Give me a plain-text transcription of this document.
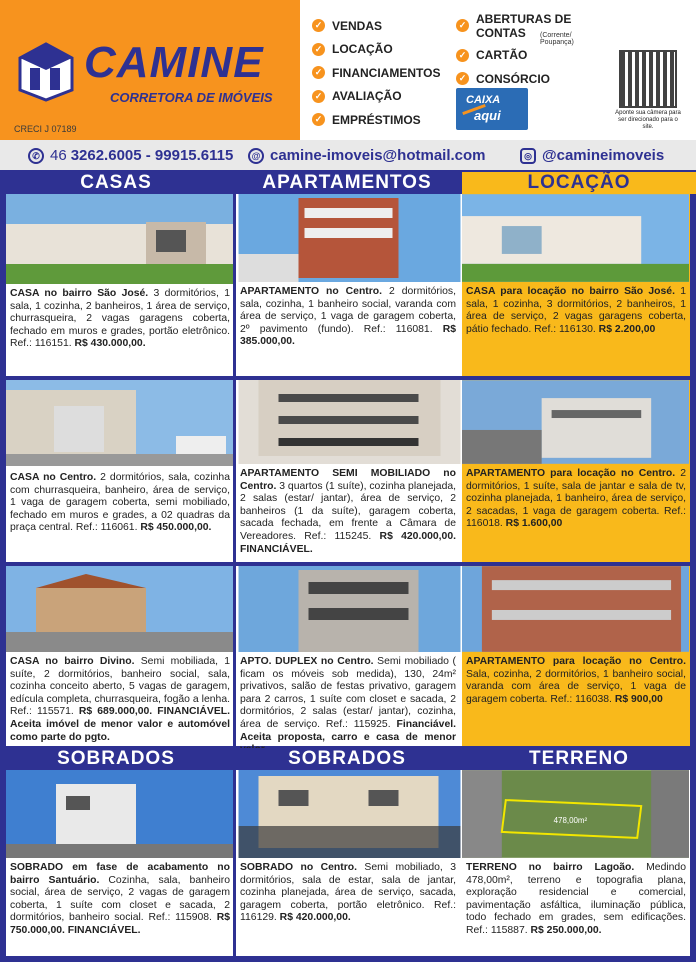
CAMINE
CORRETORA DE IMÓVEIS
CRECI J 07189
✓ VENDAS
✓ LOCAÇÃO
✓ FINANCIAMENTOS
✓ AVALIAÇÃO
✓ EMPRÉSTIMOS
✓ ABERTURAS DE CONTAS	(Corrente/ Poupança)
✓ CARTÃO
✓ CONSÓRCIO
CAIXA
aqui	Aponte sua câmera para ser direcionado para o site.
✆ 46 3262.6005 - 99915.6115	@ camine-imoveis@hotmail.com	◎ @camineimoveis
CASAS	APARTAMENTOS	LOCAÇÃO
CASA no bairro São José. 3 dormitórios, 1 sala, 1 cozinha, 2 banheiros, 1 área de serviço, churrasqueira, 2 vagas garagens coberta, fechado em muros e grades, portão eletrônico. Ref.: 116151. R$ 430.000,00.
CASA no Centro. 2 dormitórios, sala, cozinha com churrasqueira, banheiro, área de serviço, 1 vaga de garagem coberta, semi mobiliado, fechado em muros e grades, a 02 quadras da praça central. Ref.: 116061. R$ 450.000,00.
CASA no bairro Divino. Semi mobiliada, 1 suíte, 2 dormitórios, banheiro social, sala, cozinha conceito aberto, 5 vagas de garagem, edícula completa, churrasqueira, fogão a lenha. Ref.: 115571. R$ 689.000,00. FINANCIÁVEL. Aceita imóvel de menor valor e automóvel como parte do pgto.
APARTAMENTO no Centro. 2 dormitórios, sala, cozinha, 1 banheiro social, varanda com área de serviço, 1 vaga de garagem coberta, 2º pavimento (fundo). Ref.: 116081. R$ 385.000,00.
APARTAMENTO SEMI MOBILIADO no Centro. 3 quartos (1 suíte), cozinha planejada, 2 salas (estar/ jantar), área de serviço, 2 banheiros (1 da suíte), garagem coberta, sacada fechada, em frente a Câmara de Vereadores. Ref.: 115245. R$ 420.000,00. FINANCIÁVEL.
APTO. DUPLEX no Centro. Semi mobiliado ( ficam os móveis sob medida), 130, 24m² privativos, salão de festas privativo, garagem para 2 carros, 1 suíte com closet e sacada, 2 dormitórios, 2 salas (estar/ jantar), cozinha, área de serviço. Ref.: 115925. Financiável. Aceita proposta, carro e casa de menor
CASA para locação no bairro São José. 1 sala, 1 cozinha, 3 dormitórios, 2 banheiros, 1 área de serviço, 2 vagas garagens coberta, pátio fechado. Ref.: 116130. R$ 2.200,00
APARTAMENTO para locação no Centro. 2 dormitórios, 1 suíte, sala de jantar e sala de tv, cozinha planejada, 1 banheiro, área de serviço, 2 sacadas, 1 vaga de garagem coberta. Ref.: 116018. R$ 1.600,00
APARTAMENTO para locação no Centro. Sala, cozinha, 2 dormitórios, 1 banheiro social, varanda com área de serviço, 1 vaga de garagem coberta. Ref.: 116038. R$ 900,00
SOBRADOS	SOBRADOS	TERRENO
SOBRADO em fase de acabamento no bairro Santuário. Cozinha, sala, banheiro social, área de serviço, 2 vagas de garagem coberta, 1 suíte com closet e sacada, 2 dormitórios, banheiro social. Ref.: 115908. R$ 750.000,00. FINANCIÁVEL.
SOBRADO no Centro. Semi mobiliado, 3 dormitórios, sala de estar, sala de jantar, cozinha planejada, área de serviço, sacada, garagem coberta, portão eletrônico. Ref.: 116129. R$ 420.000,00.
478,00m²
TERRENO no bairro Lagoão. Medindo 478,00m², terreno e topografia plana, exploração residencial e comercial, pavimentação asfáltica, iluminação pública, todo fechado em grades, sem edificações. Ref.: 115887. R$ 250.000,00.
